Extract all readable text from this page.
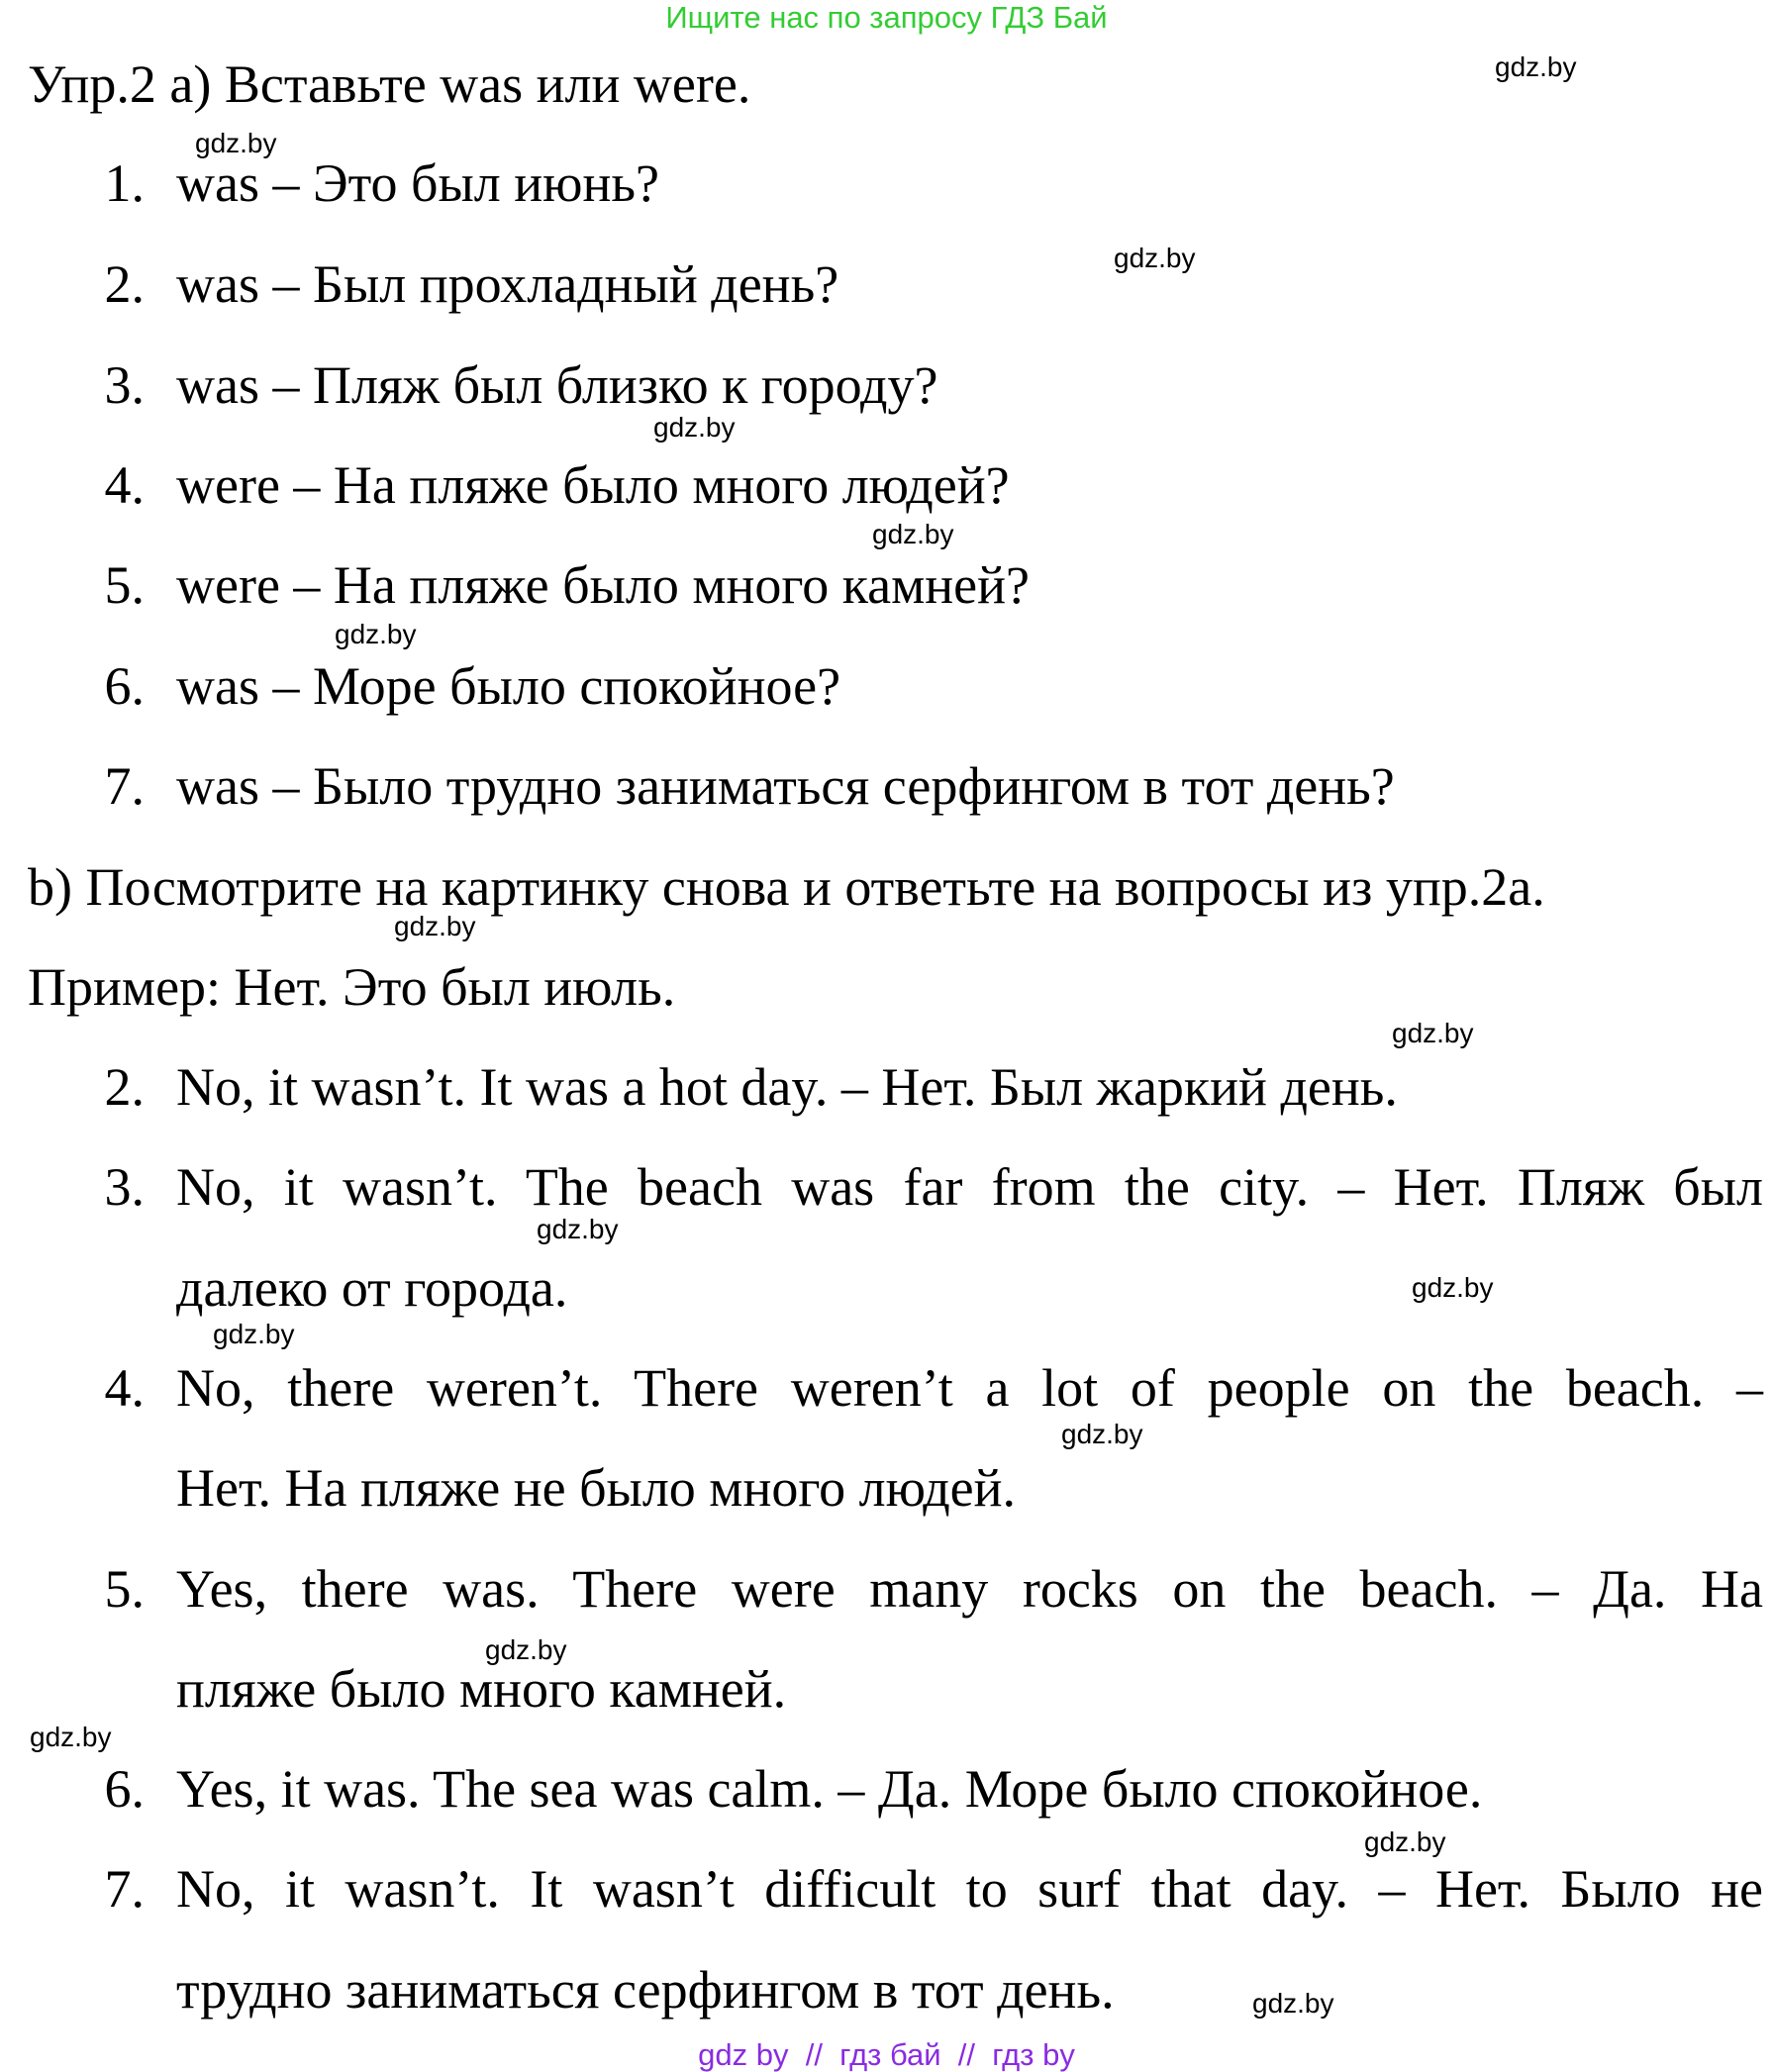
Ищите нас по запросу ГДЗ Бай
Упр.2 a) Вставьте was или were.
1. was – Это был июнь?
2. was – Был прохладный день?
3. was – Пляж был близко к городу?
4. were – На пляже было много людей?
5. were – На пляже было много камней?
6. was – Море было спокойное?
7. was – Было трудно заниматься серфингом в тот день?
b) Посмотрите на картинку снова и ответьте на вопросы из упр.2a.
Пример: Нет. Это был июль.
2. No, it wasn’t. It was a hot day. – Нет. Был жаркий день.
3. No, it wasn’t. The beach was far from the city. – Нет. Пляж был
далеко от города.
4. No, there weren’t. There weren’t a lot of people on the beach. –
Нет. На пляже не было много людей.
5. Yes, there was. There were many rocks on the beach. – Да. На
пляже было много камней.
6. Yes, it was. The sea was calm. – Да. Море было спокойное.
7. No, it wasn’t. It wasn’t difficult to surf that day. – Нет. Было не
трудно заниматься серфингом в тот день.
gdz.by
gdz.by
gdz.by
gdz.by
gdz.by
gdz.by
gdz.by
gdz.by
gdz.by
gdz.by
gdz.by
gdz.by
gdz.by
gdz.by
gdz.by
gdz.by
gdz by  //  гдз бай  //  гдз by
